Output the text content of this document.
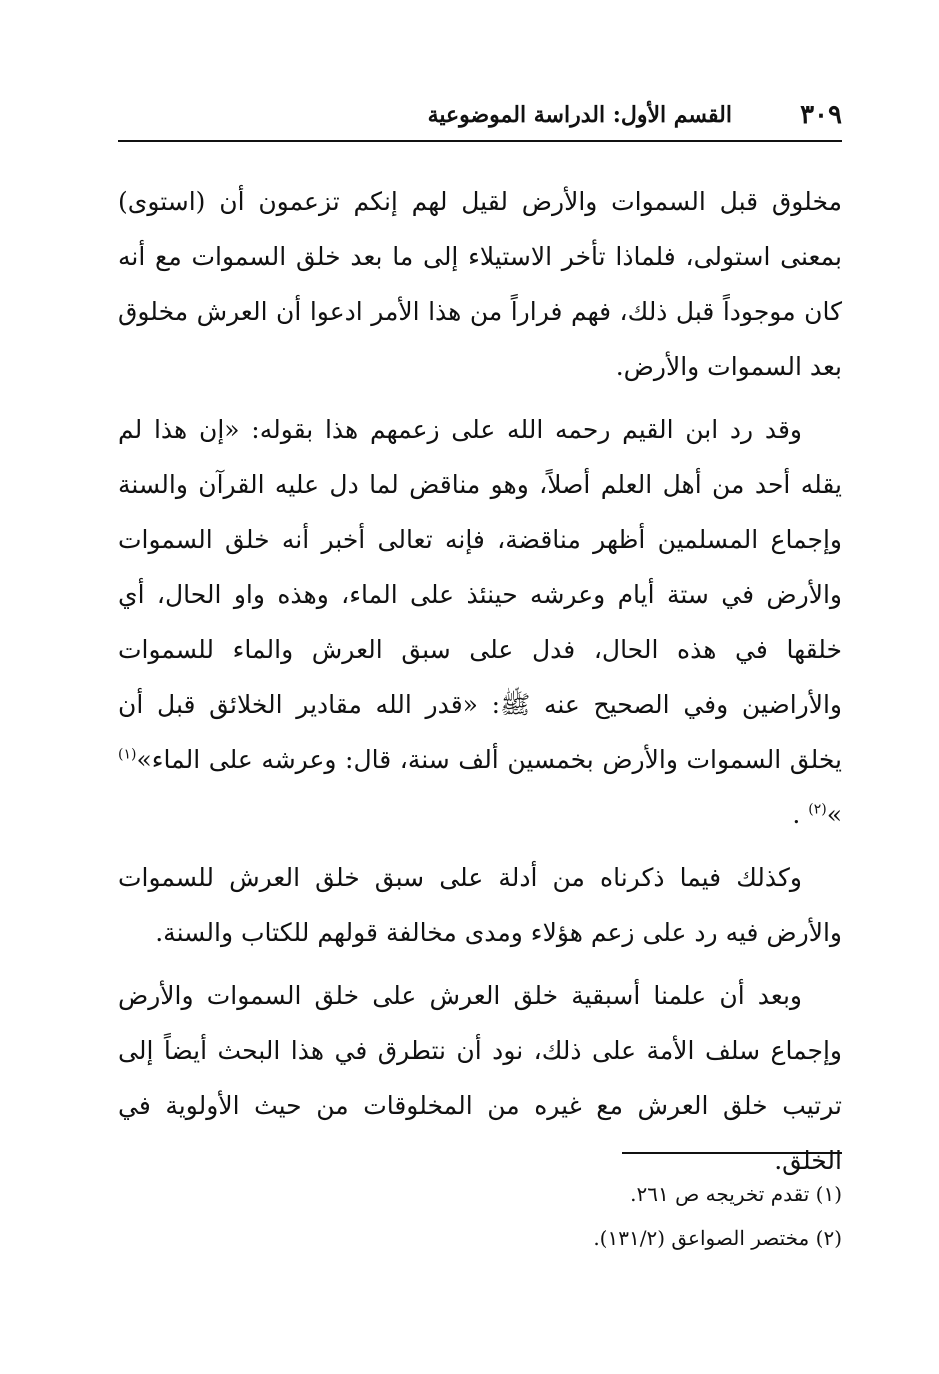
٣٠٩
القسم الأول: الدراسة الموضوعية

مخلوق قبل السموات والأرض لقيل لهم إنكم تزعمون أن (استوى) بمعنى استولى، فلماذا تأخر الاستيلاء إلى ما بعد خلق السموات مع أنه كان موجوداً قبل ذلك، فهم فراراً من هذا الأمر ادعوا أن العرش مخلوق بعد السموات والأرض.

وقد رد ابن القيم رحمه الله على زعمهم هذا بقوله: «إن هذا لم يقله أحد من أهل العلم أصلاً، وهو مناقض لما دل عليه القرآن والسنة وإجماع المسلمين أظهر مناقضة، فإنه تعالى أخبر أنه خلق السموات والأرض في ستة أيام وعرشه حينئذ على الماء، وهذه واو الحال، أي خلقها في هذه الحال، فدل على سبق العرش والماء للسموات والأراضين وفي الصحيح عنه ﷺ: «قدر الله مقادير الخلائق قبل أن يخلق السموات والأرض بخمسين ألف سنة، قال: وعرشه على الماء»$^{(١)}$ »$^{(٢)}$ .

وكذلك فيما ذكرناه من أدلة على سبق خلق العرش للسموات والأرض فيه رد على زعم هؤلاء ومدى مخالفة قولهم للكتاب والسنة.

وبعد أن علمنا أسبقية خلق العرش على خلق السموات والأرض وإجماع سلف الأمة على ذلك، نود أن نتطرق في هذا البحث أيضاً إلى ترتيب خلق العرش مع غيره من المخلوقات من حيث الأولوية في الخلق.

(١) تقدم تخريجه ص ٢٦١.

(٢) مختصر الصواعق (١٣١/٢).
